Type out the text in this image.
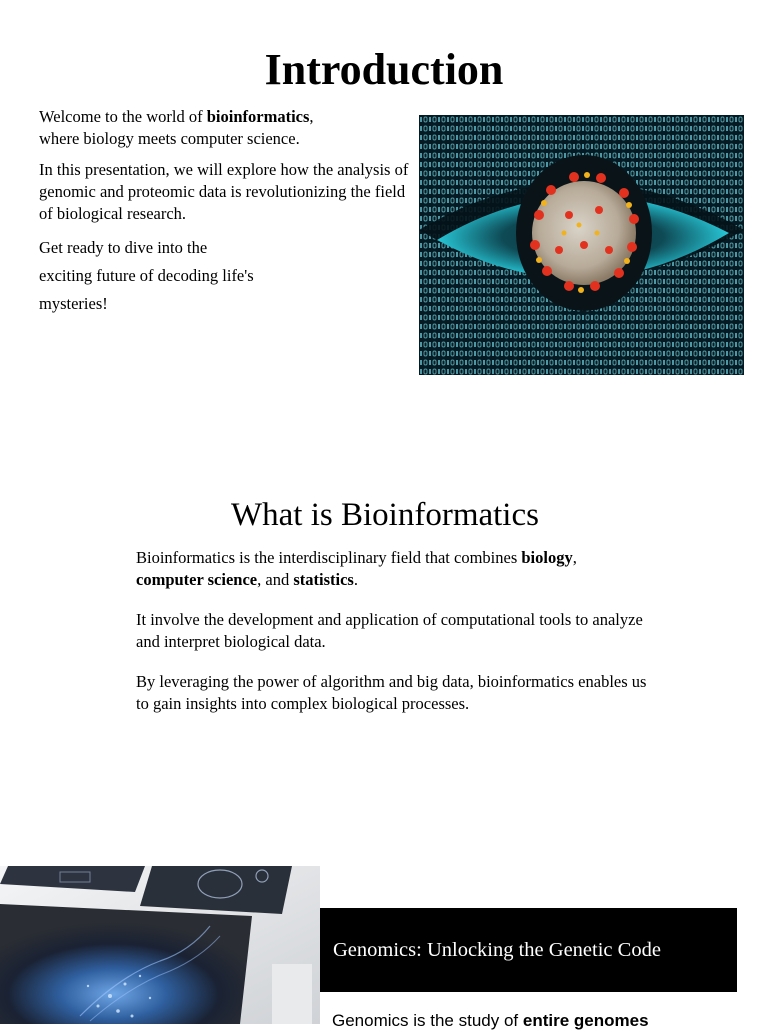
Introduction

Welcome to the world of bioinformatics,
where biology meets computer science.

In this presentation, we will explore how the analysis of genomic and proteomic data is revolutionizing the field of biological research.

Get ready to dive into the

exciting future of decoding life's

mysteries!

What is Bioinformatics

Bioinformatics is the interdisciplinary field that combines biology,
computer science, and statistics.

It involve the development and application of computational tools to analyze and interpret biological data.

By leveraging the power of algorithm and big data, bioinformatics enables us to gain insights into complex biological processes.

Genomics: Unlocking the Genetic Code
Genomics is the study of entire genomes
